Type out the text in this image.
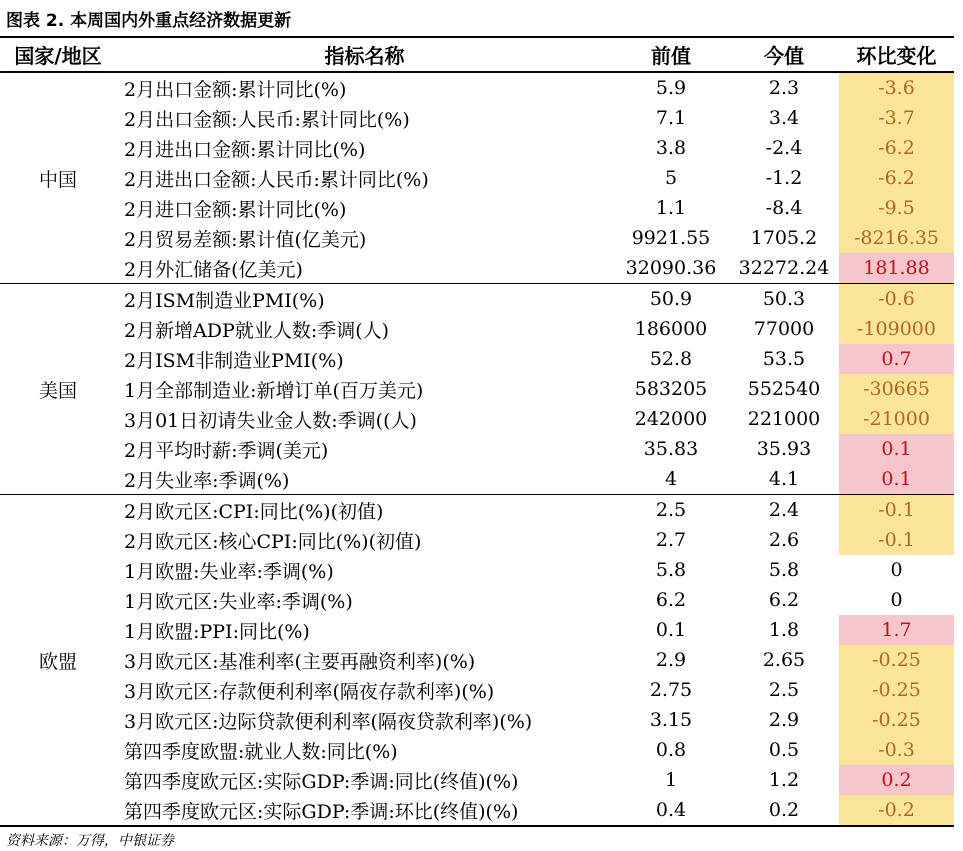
图表 2. 本周国内外重点经济数据更新
国家/地区	指标名称	前值	今值	环比变化
中国	2月出口金额:累计同比(%)	5.9	2.3	-3.6
	2月出口金额:人民币:累计同比(%)	7.1	3.4	-3.7
	2月进出口金额:累计同比(%)	3.8	-2.4	-6.2
	2月进出口金额:人民币:累计同比(%)	5	-1.2	-6.2
	2月进口金额:累计同比(%)	1.1	-8.4	-9.5
	2月贸易差额:累计值(亿美元)	9921.55	1705.2	-8216.35
	2月外汇储备(亿美元)	32090.36	32272.24	181.88
美国	2月ISM制造业PMI(%)	50.9	50.3	-0.6
	2月新增ADP就业人数:季调(人)	186000	77000	-109000
	2月ISM非制造业PMI(%)	52.8	53.5	0.7
	1月全部制造业:新增订单(百万美元)	583205	552540	-30665
	3月01日初请失业金人数:季调((人)	242000	221000	-21000
	2月平均时薪:季调(美元)	35.83	35.93	0.1
	2月失业率:季调(%)	4	4.1	0.1
欧盟	2月欧元区:CPI:同比(%)(初值)	2.5	2.4	-0.1
	2月欧元区:核心CPI:同比(%)(初值)	2.7	2.6	-0.1
	1月欧盟:失业率:季调(%)	5.8	5.8	0
	1月欧元区:失业率:季调(%)	6.2	6.2	0
	1月欧盟:PPI:同比(%)	0.1	1.8	1.7
	3月欧元区:基准利率(主要再融资利率)(%)	2.9	2.65	-0.25
	3月欧元区:存款便利利率(隔夜存款利率)(%)	2.75	2.5	-0.25
	3月欧元区:边际贷款便利利率(隔夜贷款利率)(%)	3.15	2.9	-0.25
	第四季度欧盟:就业人数:同比(%)	0.8	0.5	-0.3
	第四季度欧元区:实际GDP:季调:同比(终值)(%)	1	1.2	0.2
	第四季度欧元区:实际GDP:季调:环比(终值)(%)	0.4	0.2	-0.2
资料来源：万得，中银证券
